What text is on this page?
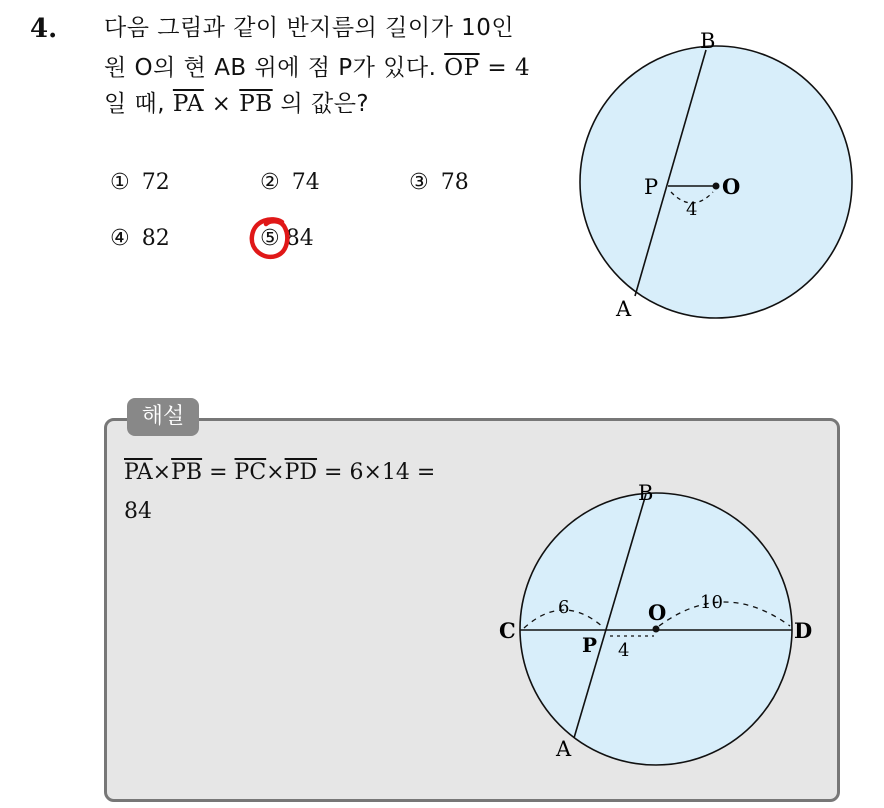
4. 다음 그림과 같이 반지름의 길이가 10인
원 O의 현 AB 위에 점 P가 있다. $\overline{OP} = 4$
일 때, $\overline{PA} \times \overline{PB}$ 의 값은?
① 72	② 74	③ 78
④ 82	⑤ 84
B
A
P	O
4
해설
$\overline{PA}\times\overline{PB} = \overline{PC}\times\overline{PD} = 6\times 14$ =
84
B
A
C	D
P
O
6	10
4
